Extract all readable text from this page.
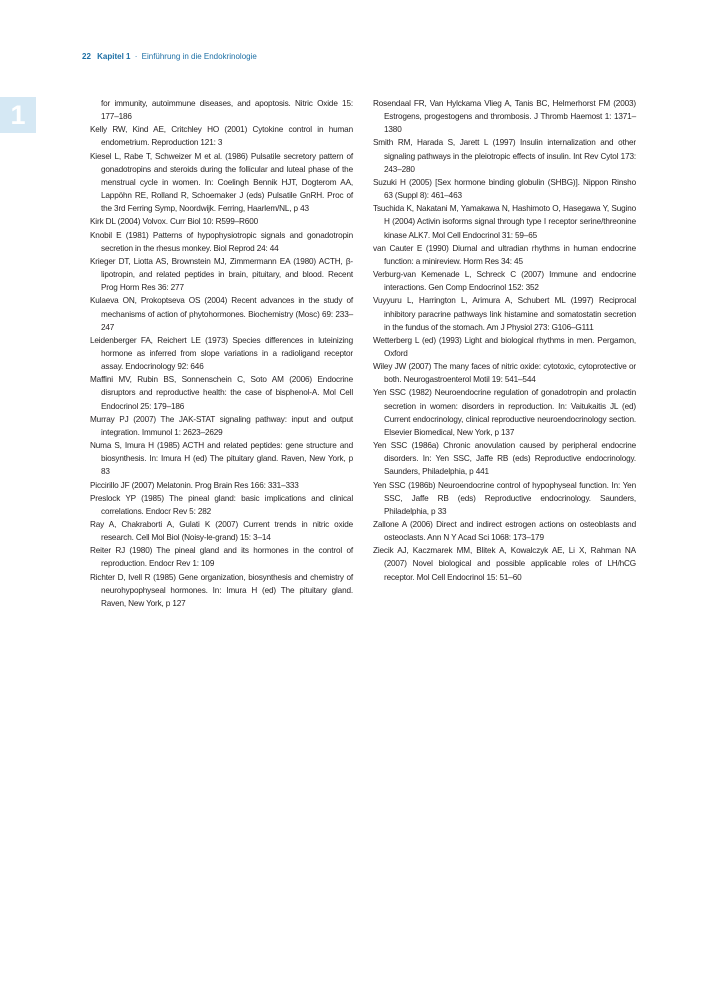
22 Kapitel 1 · Einführung in die Endokrinologie
1	for immunity, autoimmune diseases, and apoptosis. Nitric Oxide 15: 177–186

Kelly RW, Kind AE, Critchley HO (2001) Cytokine control in human endometrium. Reproduction 121: 3

Kiesel L, Rabe T, Schweizer M et al. (1986) Pulsatile secretory pattern of gonadotropins and steroids during the follicular and luteal phase of the menstrual cycle in women. In: Coelingh Bennik HJT, Dogterom AA, Lappöhn RE, Rolland R, Schoemaker J (eds) Pulsatile GnRH. Proc of the 3rd Ferring Symp, Noordwijk. Ferring, Haarlem/NL, p 43

Kirk DL (2004) Volvox. Curr Biol 10: R599–R600

Knobil E (1981) Patterns of hypophysiotropic signals and gonadotropin secretion in the rhesus monkey. Biol Reprod 24: 44

Krieger DT, Liotta AS, Brownstein MJ, Zimmermann EA (1980) ACTH, β-lipotropin, and related peptides in brain, pituitary, and blood. Recent Prog Horm Res 36: 277

Kulaeva ON, Prokoptseva OS (2004) Recent advances in the study of mechanisms of action of phytohormones. Biochemistry (Mosc) 69: 233–247

Leidenberger FA, Reichert LE (1973) Species differences in luteinizing hormone as inferred from slope variations in a radioligand receptor assay. Endocrinology 92: 646

Maffini MV, Rubin BS, Sonnenschein C, Soto AM (2006) Endocrine disruptors and reproductive health: the case of bisphenol-A. Mol Cell Endocrinol 25: 179–186

Murray PJ (2007) The JAK-STAT signaling pathway: input and output integration. Immunol 1: 2623–2629

Numa S, Imura H (1985) ACTH and related peptides: gene structure and biosynthesis. In: Imura H (ed) The pituitary gland. Raven, New York, p 83

Piccirillo JF (2007) Melatonin. Prog Brain Res 166: 331–333

Preslock YP (1985) The pineal gland: basic implications and clinical correlations. Endocr Rev 5: 282

Ray A, Chakraborti A, Gulati K (2007) Current trends in nitric oxide research. Cell Mol Biol (Noisy-le-grand) 15: 3–14

Reiter RJ (1980) The pineal gland and its hormones in the control of reproduction. Endocr Rev 1: 109

Richter D, Ivell R (1985) Gene organization, biosynthesis and chemistry of neurohypophyseal hormones. In: Imura H (ed) The pituitary gland. Raven, New York, p 127

Rosendaal FR, Van Hylckama Vlieg A, Tanis BC, Helmerhorst FM (2003) Estrogens, progestogens and thrombosis. J Thromb Haemost 1: 1371–1380

Smith RM, Harada S, Jarett L (1997) Insulin internalization and other signaling pathways in the pleiotropic effects of insulin. Int Rev Cytol 173: 243–280

Suzuki H (2005) [Sex hormone binding globulin (SHBG)]. Nippon Rinsho 63 (Suppl 8): 461–463

Tsuchida K, Nakatani M, Yamakawa N, Hashimoto O, Hasegawa Y, Sugino H (2004) Activin isoforms signal through type I receptor serine/threonine kinase ALK7. Mol Cell Endocrinol 31: 59–65

van Cauter E (1990) Diurnal and ultradian rhythms in human endocrine function: a minireview. Horm Res 34: 45

Verburg-van Kemenade L, Schreck C (2007) Immune and endocrine interactions. Gen Comp Endocrinol 152: 352

Vuyyuru L, Harrington L, Arimura A, Schubert ML (1997) Reciprocal inhibitory paracrine pathways link histamine and somatostatin secretion in the fundus of the stomach. Am J Physiol 273: G106–G111

Wetterberg L (ed) (1993) Light and biological rhythms in men. Pergamon, Oxford

Wiley JW (2007) The many faces of nitric oxide: cytotoxic, cytoprotective or both. Neurogastroenterol Motil 19: 541–544

Yen SSC (1982) Neuroendocrine regulation of gonadotropin and prolactin secretion in women: disorders in reproduction. In: Vaitukaitis JL (ed) Current endocrinology, clinical reproductive neuroendocrinology section. Elsevier Biomedical, New York, p 137

Yen SSC (1986a) Chronic anovulation caused by peripheral endocrine disorders. In: Yen SSC, Jaffe RB (eds) Reproductive endocrinology. Saunders, Philadelphia, p 441

Yen SSC (1986b) Neuroendocrine control of hypophyseal function. In: Yen SSC, Jaffe RB (eds) Reproductive endocrinology. Saunders, Philadelphia, p 33

Zallone A (2006) Direct and indirect estrogen actions on osteoblasts and osteoclasts. Ann N Y Acad Sci 1068: 173–179

Ziecik AJ, Kaczmarek MM, Blitek A, Kowalczyk AE, Li X, Rahman NA (2007) Novel biological and possible applicable roles of LH/hCG receptor. Mol Cell Endocrinol 15: 51–60
